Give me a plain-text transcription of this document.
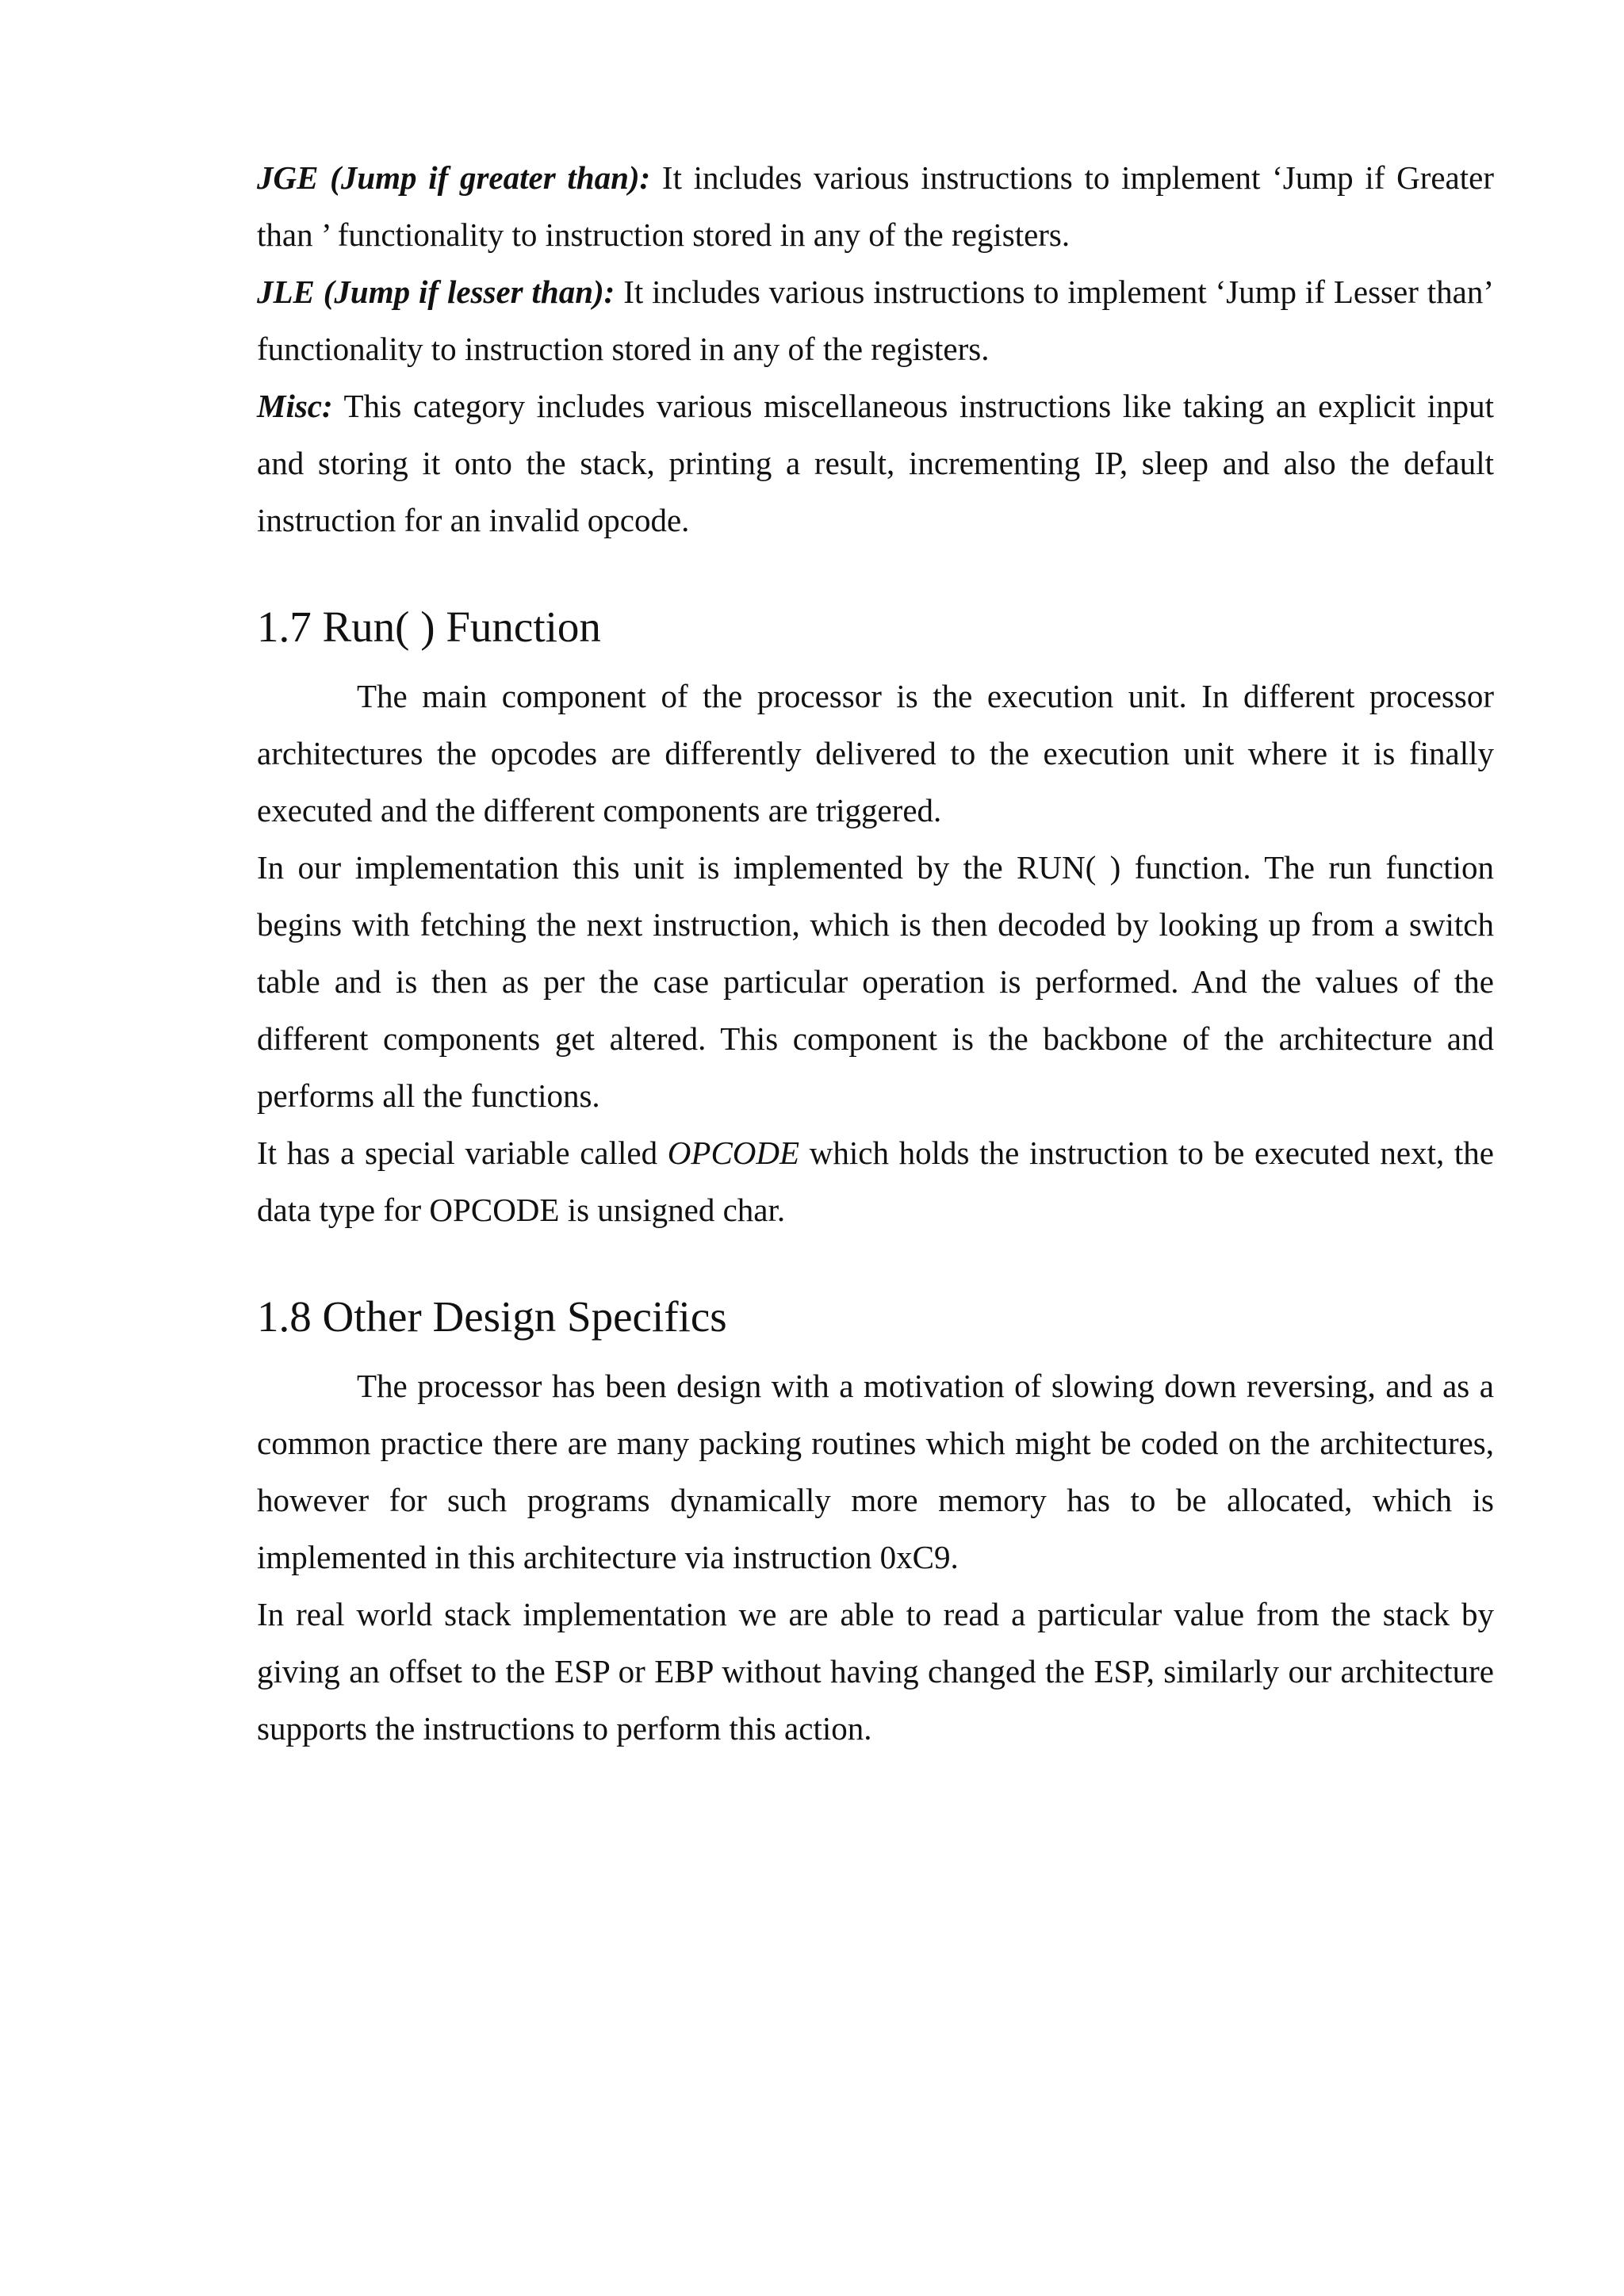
JGE (Jump if greater than): It includes various instructions to implement ‘Jump if Greater than ’ functionality to instruction stored in any of the registers.

JLE (Jump if lesser than): It includes various instructions to implement ‘Jump if Lesser than’ functionality to instruction stored in any of the registers.

Misc: This category includes various miscellaneous instructions like taking an explicit input and storing it onto the stack, printing a result, incrementing IP, sleep and also the default instruction for an invalid opcode.

1.7 Run( ) Function

The main component of the processor is the execution unit. In different processor architectures the opcodes are differently delivered to the execution unit where it is finally executed and the different components are triggered.

In our implementation this unit is implemented by the RUN( ) function. The run function begins with fetching the next instruction, which is then decoded by looking up from a switch table and is then as per the case particular operation is performed. And the values of the different components get altered. This component is the backbone of the architecture and performs all the functions.

It has a special variable called OPCODE which holds the instruction to be executed next, the data type for OPCODE is unsigned char.

1.8 Other Design Specifics

The processor has been design with a motivation of slowing down reversing, and as a common practice there are many packing routines which might be coded on the architectures, however for such programs dynamically more memory has to be allocated, which is implemented in this architecture via instruction 0xC9.

In real world stack implementation we are able to read a particular value from the stack by giving an offset to the ESP or EBP without having changed the ESP, similarly our architecture supports the instructions to perform this action.
